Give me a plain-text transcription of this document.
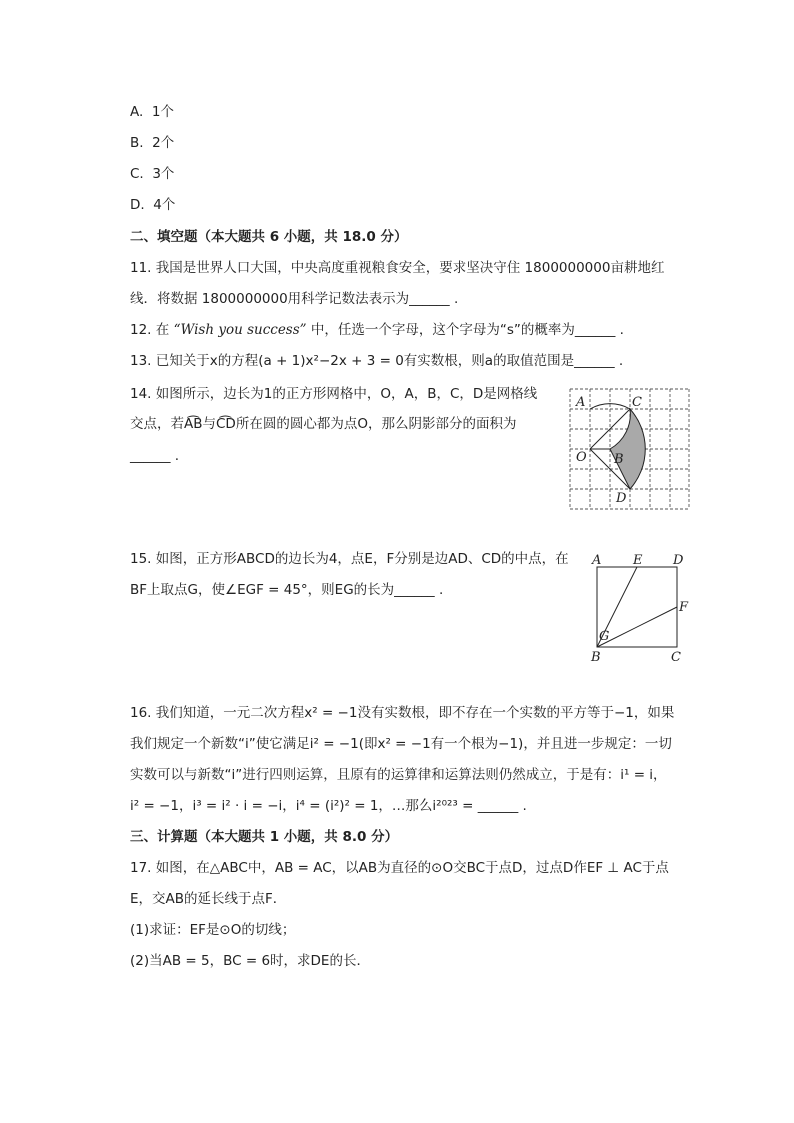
A. 1个
B. 2个
C. 3个
D. 4个
二、填空题（本大题共 6 小题，共 18.0 分）
11. 我国是世界人口大国，中央高度重视粮食安全，要求坚决守住 1800000000亩耕地红
线．将数据 1800000000用科学记数法表示为______ .
12. 在 “Wish you success” 中，任选一个字母，这个字母为“s”的概率为______ .
13. 已知关于x的方程(a + 1)x²−2x + 3 = 0有实数根，则a的取值范围是______ .
14. 如图所示，边长为1的正方形网格中，O，A，B，C，D是网格线
交点，若A͡B与C͡D所在圆的圆心都为点O，那么阴影部分的面积为
______ .
A	C
O B
D
15. 如图，正方形ABCD的边长为4，点E，F分别是边AD、CD的中点，在
BF上取点G，使∠EGF = 45°，则EG的长为______ .
A E D
F
G
B	C
16. 我们知道，一元二次方程x² = −1没有实数根，即不存在一个实数的平方等于−1，如果
我们规定一个新数“i”使它满足i² = −1(即x² = −1有一个根为−1)，并且进一步规定：一切
实数可以与新数“i”进行四则运算，且原有的运算律和运算法则仍然成立，于是有：i¹ = i，
i² = −1，i³ = i² · i = −i，i⁴ = (i²)² = 1，…那么i²⁰²³ = ______ .
三、计算题（本大题共 1 小题，共 8.0 分）
17. 如图，在△ABC中，AB = AC，以AB为直径的⊙O交BC于点D，过点D作EF ⊥ AC于点
E，交AB的延长线于点F．
(1)求证：EF是⊙O的切线；
(2)当AB = 5，BC = 6时，求DE的长．
